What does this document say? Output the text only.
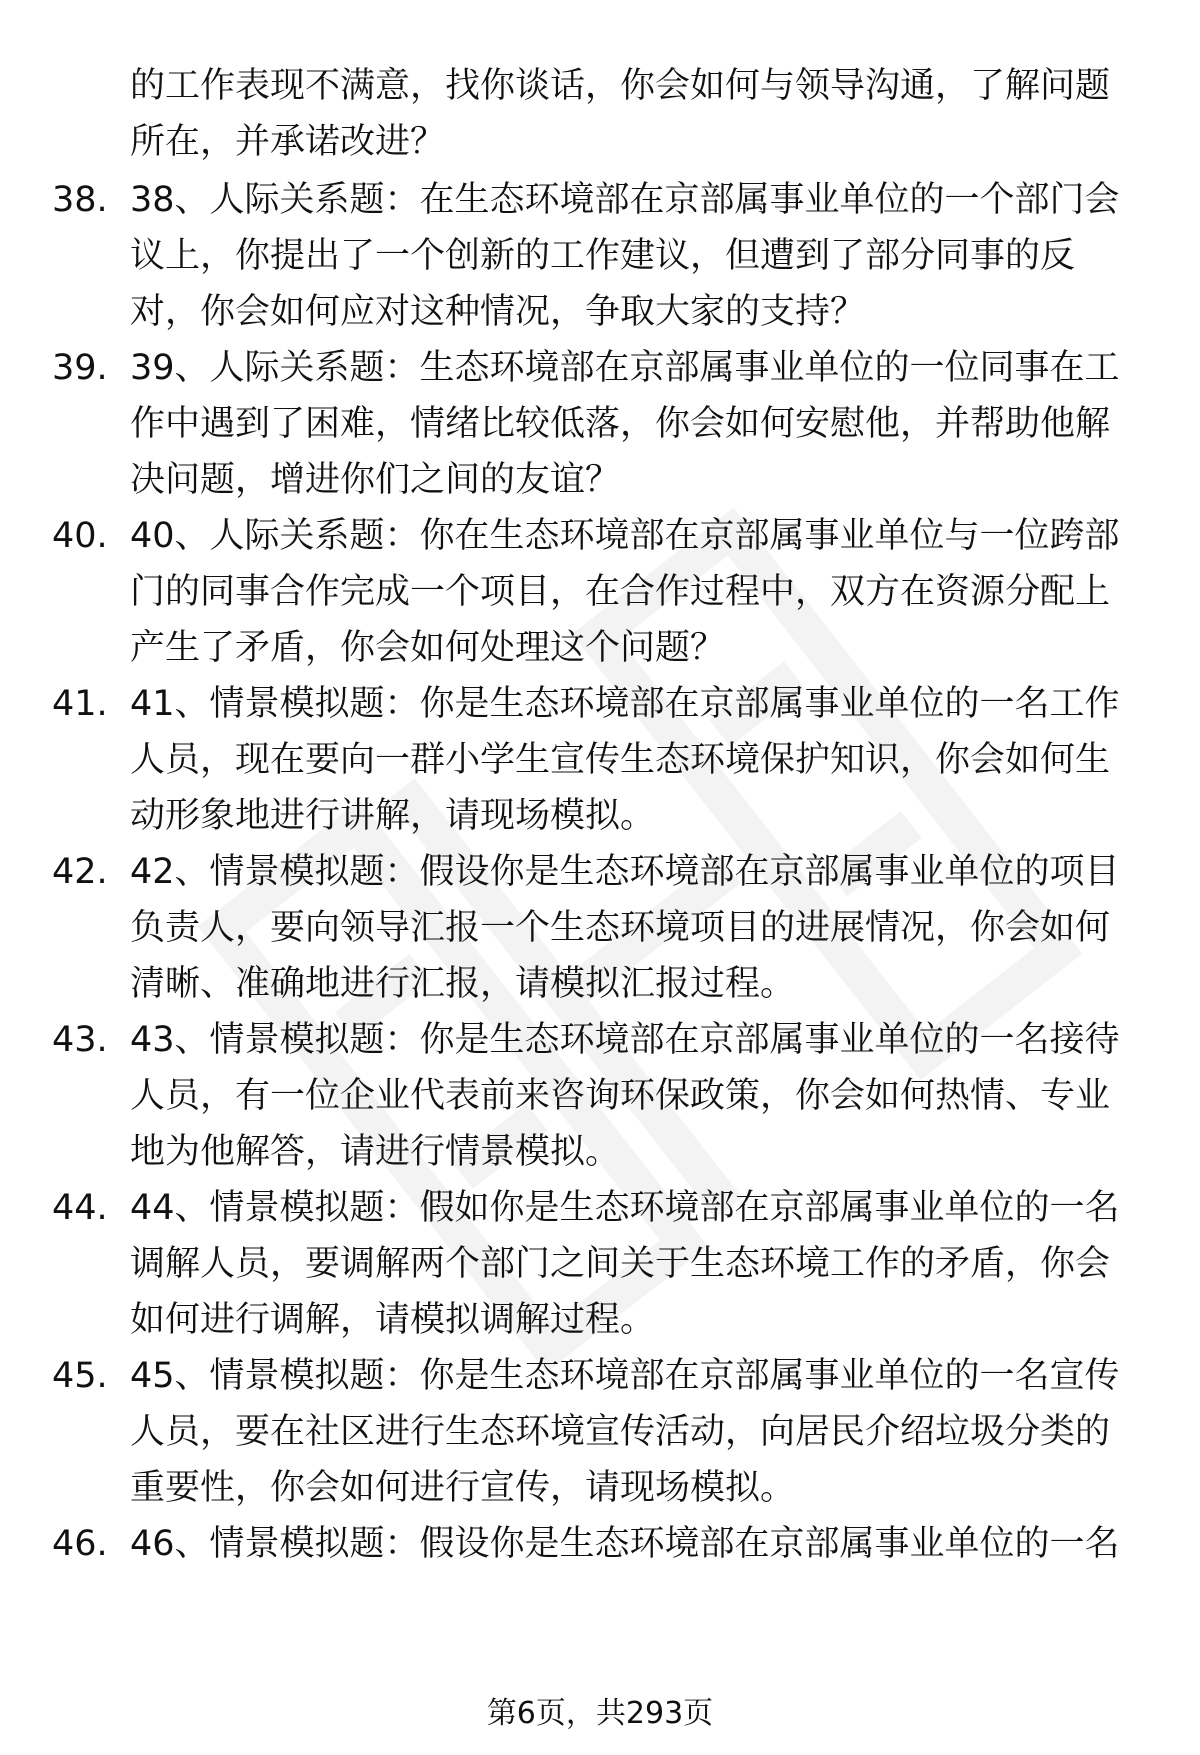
的工作表现不满意，找你谈话，你会如何与领导沟通，了解问题所在，并承诺改进？
38. 38、人际关系题：在生态环境部在京部属事业单位的一个部门会议上，你提出了一个创新的工作建议，但遭到了部分同事的反对，你会如何应对这种情况，争取大家的支持？
39. 39、人际关系题：生态环境部在京部属事业单位的一位同事在工作中遇到了困难，情绪比较低落，你会如何安慰他，并帮助他解决问题，增进你们之间的友谊？
40. 40、人际关系题：你在生态环境部在京部属事业单位与一位跨部门的同事合作完成一个项目，在合作过程中，双方在资源分配上产生了矛盾，你会如何处理这个问题？
41. 41、情景模拟题：你是生态环境部在京部属事业单位的一名工作人员，现在要向一群小学生宣传生态环境保护知识，你会如何生动形象地进行讲解，请现场模拟。
42. 42、情景模拟题：假设你是生态环境部在京部属事业单位的项目负责人，要向领导汇报一个生态环境项目的进展情况，你会如何清晰、准确地进行汇报，请模拟汇报过程。
43. 43、情景模拟题：你是生态环境部在京部属事业单位的一名接待人员，有一位企业代表前来咨询环保政策，你会如何热情、专业地为他解答，请进行情景模拟。
44. 44、情景模拟题：假如你是生态环境部在京部属事业单位的一名调解人员，要调解两个部门之间关于生态环境工作的矛盾，你会如何进行调解，请模拟调解过程。
45. 45、情景模拟题：你是生态环境部在京部属事业单位的一名宣传人员，要在社区进行生态环境宣传活动，向居民介绍垃圾分类的重要性，你会如何进行宣传，请现场模拟。
46. 46、情景模拟题：假设你是生态环境部在京部属事业单位的一名
第6页，共293页
